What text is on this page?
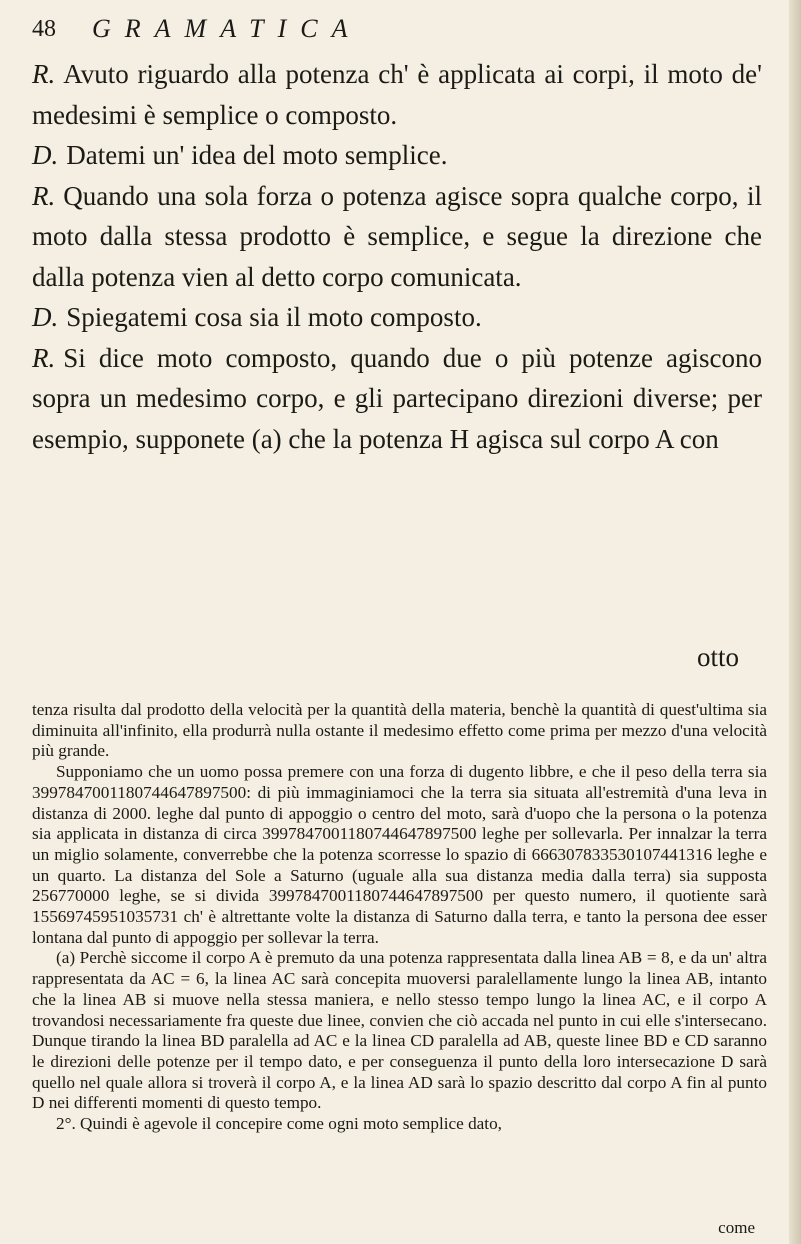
48 GRAMATICA

R. Avuto riguardo alla potenza ch' è applicata ai corpi, il moto de' medesimi è semplice o composto.

D. Datemi un' idea del moto semplice.

R. Quando una sola forza o potenza agisce sopra qualche corpo, il moto dalla stessa prodotto è semplice, e segue la direzione che dalla potenza vien al detto corpo comunicata.

D. Spiegatemi cosa sia il moto composto.

R. Si dice moto composto, quando due o più potenze agiscono sopra un medesimo corpo, e gli partecipano direzioni diverse; per esempio, supponete (a) che la potenza H agisca sul corpo A con

otto

tenza risulta dal prodotto della velocità per la quantità della materia, benchè la quantità di quest'ultima sia diminuita all'infinito, ella produrrà nulla ostante il medesimo effetto come prima per mezzo d'una velocità più grande.

Supponiamo che un uomo possa premere con una forza di dugento libbre, e che il peso della terra sia 3997847001180744647897500: di più immaginiamoci che la terra sia situata all'estremità d'una leva in distanza di 2000. leghe dal punto di appoggio o centro del moto, sarà d'uopo che la persona o la potenza sia applicata in distanza di circa 3997847001180744647897500 leghe per sollevarla. Per innalzar la terra un miglio solamente, converrebbe che la potenza scorresse lo spazio di 666307833530107441316 leghe e un quarto. La distanza del Sole a Saturno (uguale alla sua distanza media dalla terra) sia supposta 256770000 leghe, se si divida 3997847001180744647897500 per questo numero, il quotiente sarà 15569745951035731 ch' è altrettante volte la distanza di Saturno dalla terra, e tanto la persona dee esser lontana dal punto di appoggio per sollevar la terra.

(a) Perchè siccome il corpo A è premuto da una potenza rappresentata dalla linea AB = 8, e da un' altra rappresentata da AC = 6, la linea AC sarà concepita muoversi paralellamente lungo la linea AB, intanto che la linea AB si muove nella stessa maniera, e nello stesso tempo lungo la linea AC, e il corpo A trovandosi necessariamente fra queste due linee, convien che ciò accada nel punto in cui elle s'intersecano. Dunque tirando la linea BD paralella ad AC e la linea CD paralella ad AB, queste linee BD e CD saranno le direzioni delle potenze per il tempo dato, e per conseguenza il punto della loro intersecazione D sarà quello nel quale allora si troverà il corpo A, e la linea AD sarà lo spazio descritto dal corpo A fin al punto D nei differenti momenti di questo tempo.

2°. Quindi è agevole il concepire come ogni moto semplice dato,

come
